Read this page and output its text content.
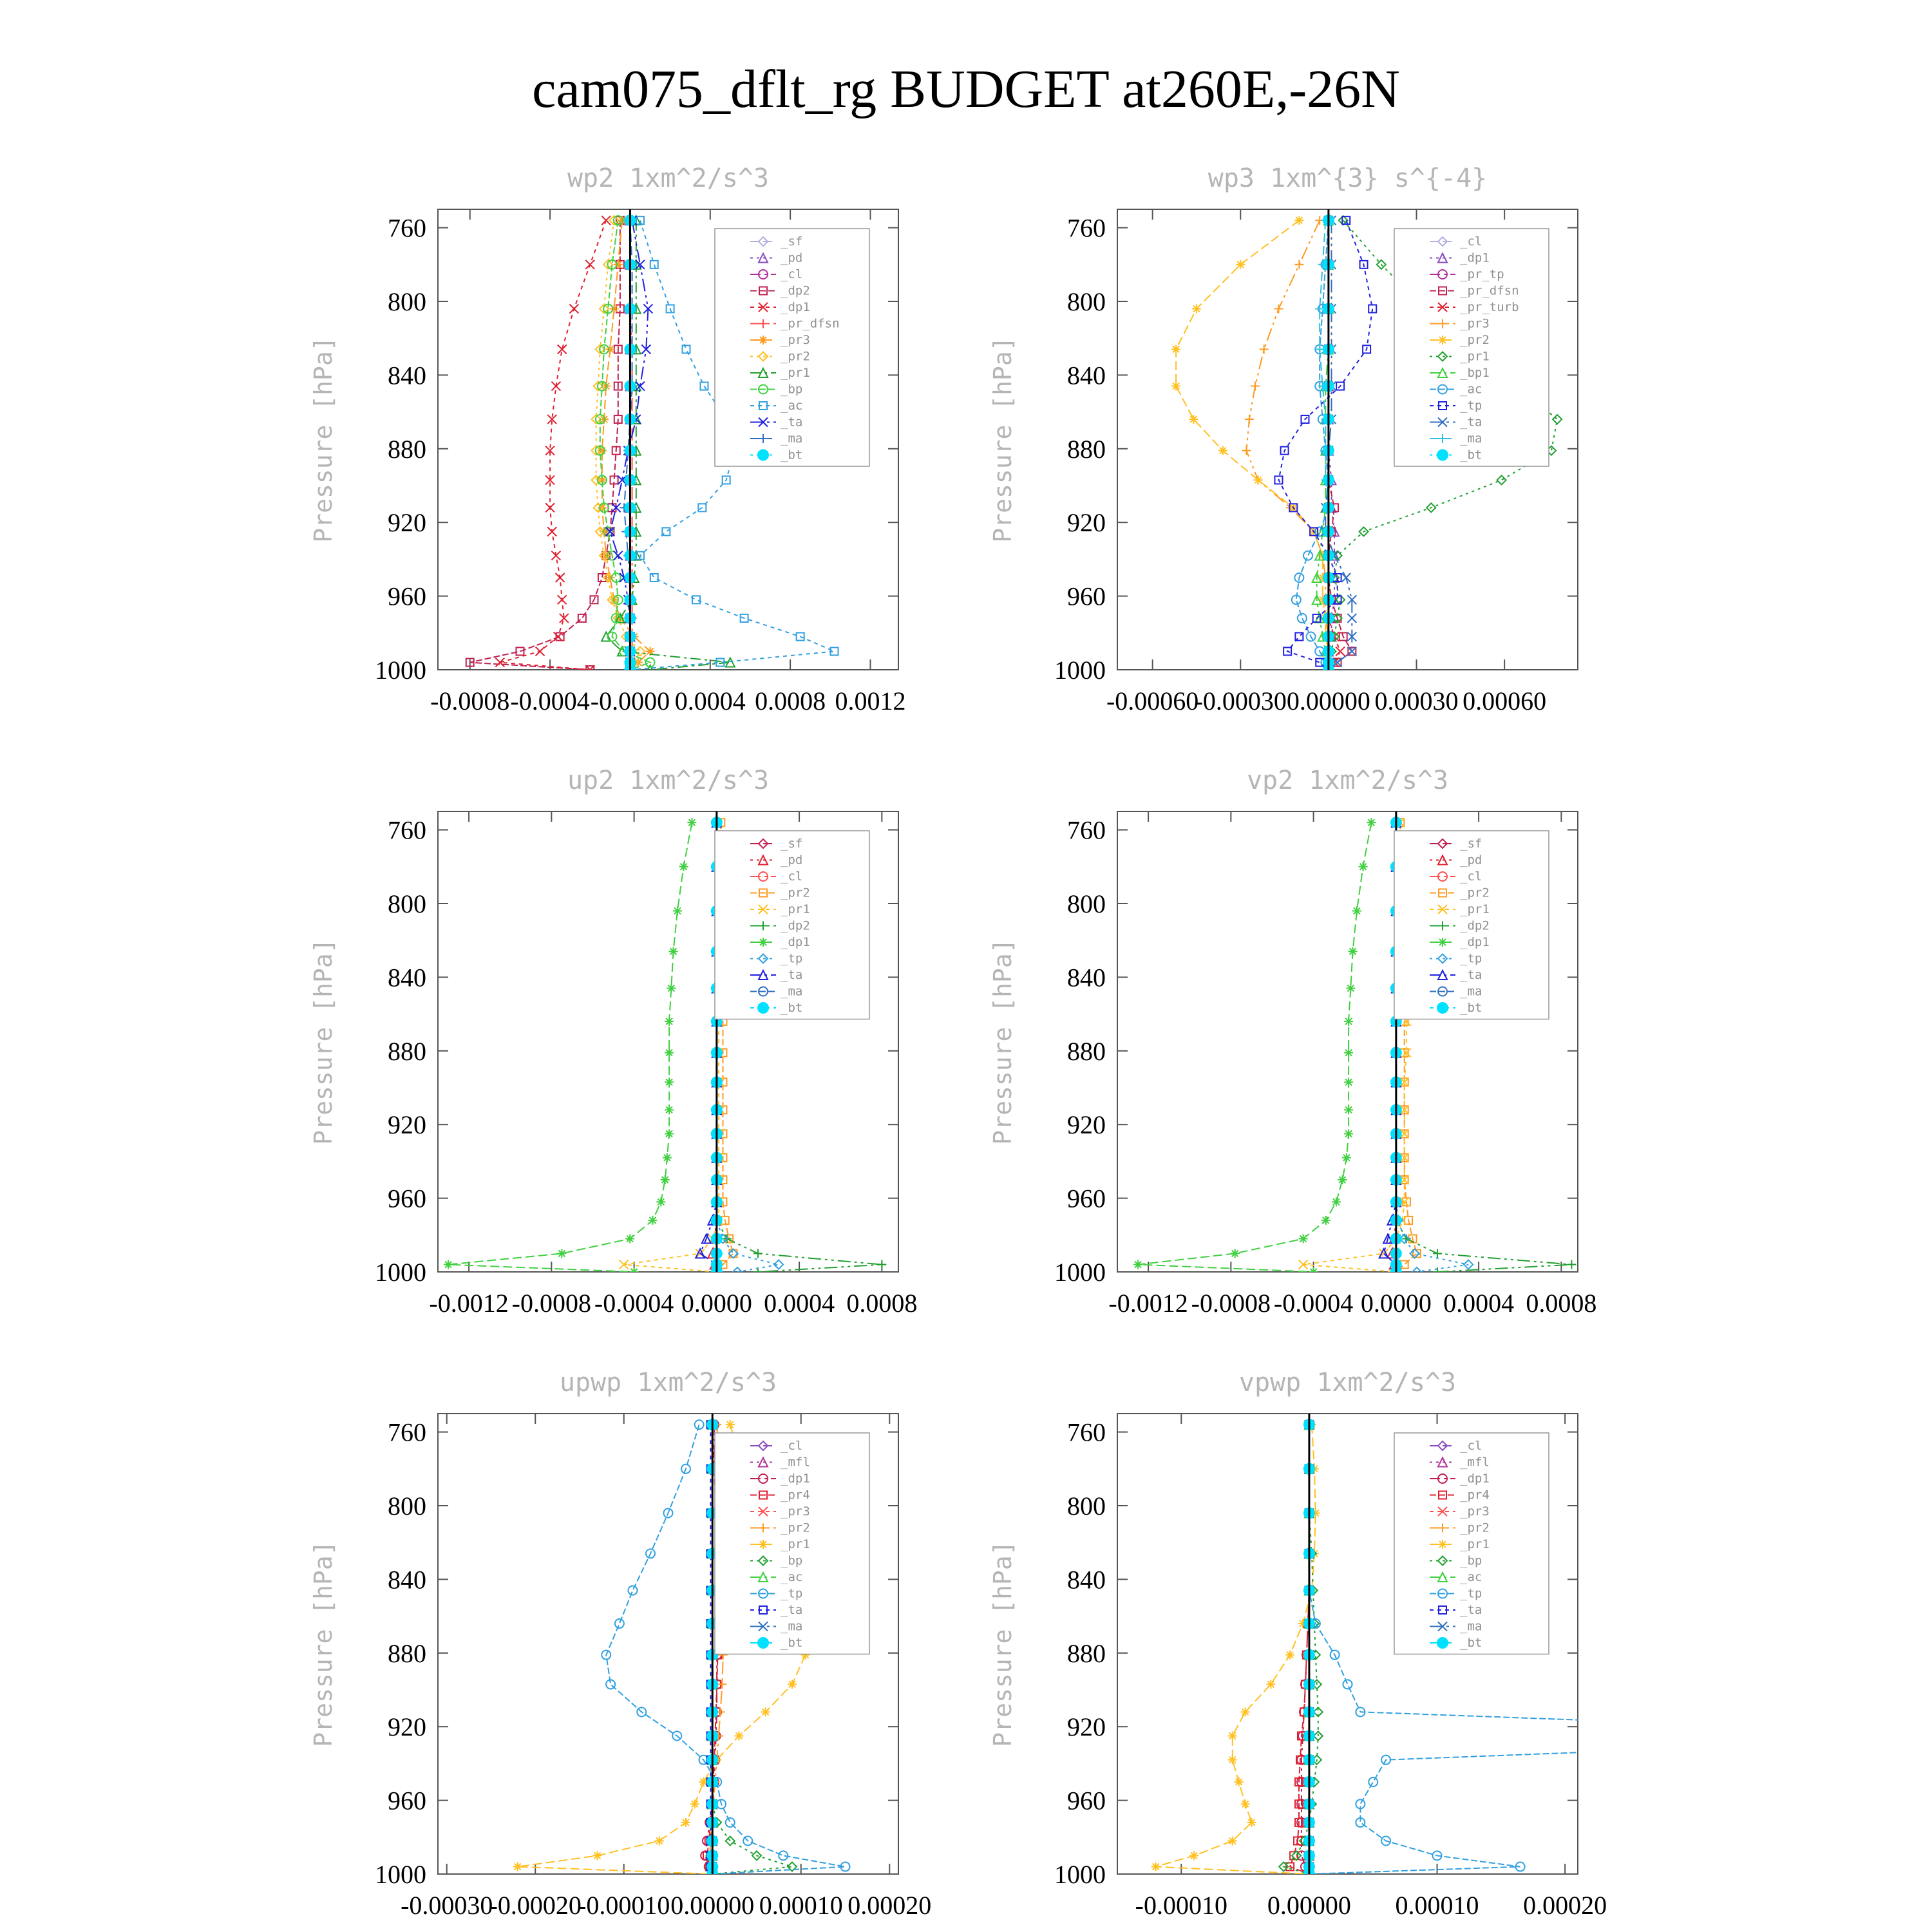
cam075_dflt_rg BUDGET at260E,-26N
wp2 1xm^2/s^3
Pressure [hPa]
760
800
840
880
920
960
1000
-0.0008 -0.0004 -0.0000 0.0004 0.0008 0.0012
_sf
_pd
_cl
_dp2
_dp1
_pr_dfsn
_pr3
_pr2
_pr1
_bp
_ac
_ta
_ma
_bt
wp3 1xm^{3} s^{-4}
Pressure [hPa]
760
800
840
880
920
960
1000
-0.00060
-0.00030 0.00000 0.00030 0.00060
_cl
_dp1
_pr_tp
_pr_dfsn
_pr_turb
_pr3
_pr2
_pr1
_bp1
_ac
_tp
_ta
_ma
_bt
up2 1xm^2/s^3
Pressure [hPa]
760
800
840
880
920
960
1000
-0.0012 -0.0008 -0.0004 0.0000 0.0004 0.0008
_sf
_pd
_cl
_pr2
_pr1
_dp2
_dp1
_tp
_ta
_ma
_bt
vp2 1xm^2/s^3
Pressure [hPa]
760
800
840
880
920
960
1000
-0.0012 -0.0008 -0.0004 0.0000 0.0004 0.0008
_sf
_pd
_cl
_pr2
_pr1
_dp2
_dp1
_tp
_ta
_ma
_bt
upwp 1xm^2/s^3
Pressure [hPa]
760
800
840
880
920
960
1000
-0.00030
-0.00020
-0.00010 0.00000 0.00010 0.00020
_cl
_mfl
_dp1
_pr4
_pr3
_pr2
_pr1
_bp
_ac
_tp
_ta
_ma
_bt
vpwp 1xm^2/s^3
Pressure [hPa]
760
800
840
880
920
960
1000
-0.00010 0.00000 0.00010 0.00020
_cl
_mfl
_dp1
_pr4
_pr3
_pr2
_pr1
_bp
_ac
_tp
_ta
_ma
_bt
